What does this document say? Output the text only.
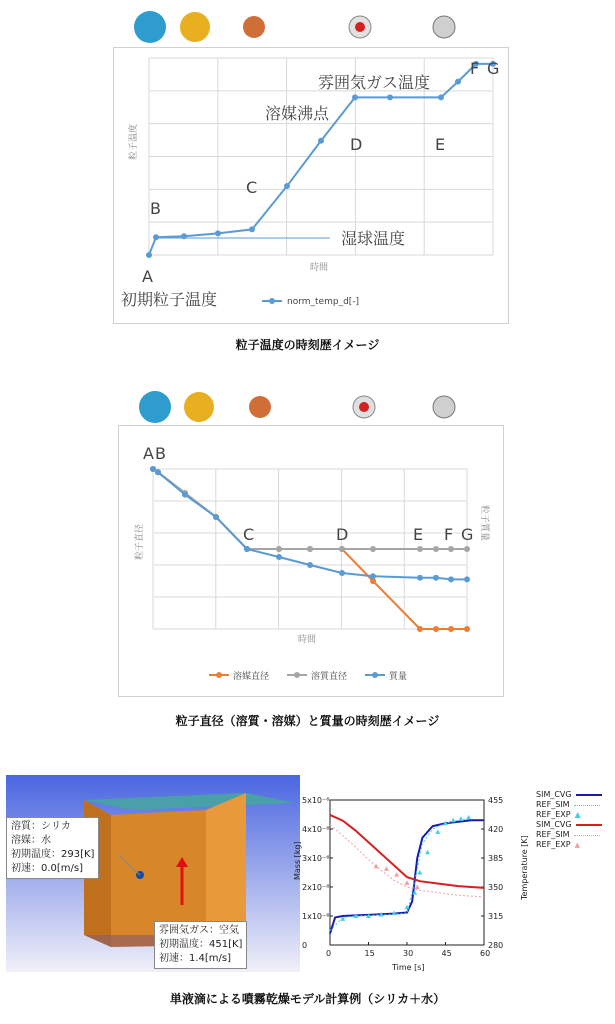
粒子温度
時間
A
B
C
D	E
F G
雰囲気ガス温度
溶媒沸点
湿球温度
初期粒子温度	norm_temp_d[-]
粒子温度の時刻歴イメージ
粒子直径
粒子質量
時間
A B
C	D	E F G
溶媒直径	溶質直径	質量
粒子直径（溶質・溶媒）と質量の時刻歴イメージ
溶質：シリカ
溶媒：水
初期温度：293[K]
初速：0.0[m/s]
雰囲気ガス：空気
初期温度：451[K]
初速：1.4[m/s]	0	15	30	45	60
0
1x10⁻⁶
2x10⁻⁶
3x10⁻⁶
4x10⁻⁶
5x10⁻⁶
280
315
350
385
420
455
Time [s]
Mass [kg]	Temperature [K]
SIM_CVG
REF_SIM
REF_EXP ▲
SIM_CVG
REF_SIM
REF_EXP ▲
単液滴による噴霧乾燥モデル計算例（シリカ＋水）
